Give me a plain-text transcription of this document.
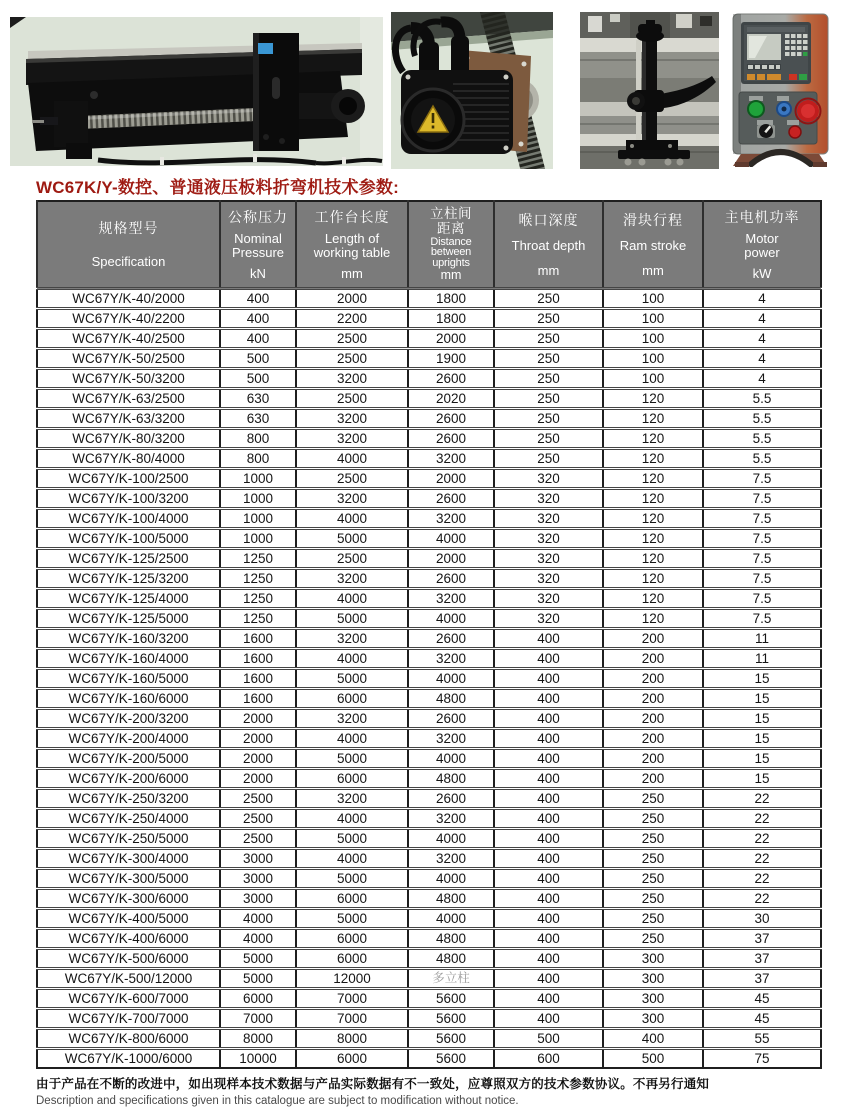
WC67K/Y-数控、普通液压板料折弯机技术参数:
规格型号
Specification

公称压力
Nominal
Pressure
kN

工作台长度
Length of
working table
mm

立柱间
距离
Distance
between
uprights
mm

喉口深度
Throat depth
mm

滑块行程
Ram stroke
mm

主电机功率
Motor
power
kW

WC67Y/K-40/2000	400	2000	1800	250	100	4
WC67Y/K-40/2200	400	2200	1800	250	100	4
WC67Y/K-40/2500	400	2500	2000	250	100	4
WC67Y/K-50/2500	500	2500	1900	250	100	4
WC67Y/K-50/3200	500	3200	2600	250	100	4
WC67Y/K-63/2500	630	2500	2020	250	120	5.5
WC67Y/K-63/3200	630	3200	2600	250	120	5.5
WC67Y/K-80/3200	800	3200	2600	250	120	5.5
WC67Y/K-80/4000	800	4000	3200	250	120	5.5
WC67Y/K-100/2500	1000	2500	2000	320	120	7.5
WC67Y/K-100/3200	1000	3200	2600	320	120	7.5
WC67Y/K-100/4000	1000	4000	3200	320	120	7.5
WC67Y/K-100/5000	1000	5000	4000	320	120	7.5
WC67Y/K-125/2500	1250	2500	2000	320	120	7.5
WC67Y/K-125/3200	1250	3200	2600	320	120	7.5
WC67Y/K-125/4000	1250	4000	3200	320	120	7.5
WC67Y/K-125/5000	1250	5000	4000	320	120	7.5
WC67Y/K-160/3200	1600	3200	2600	400	200	11
WC67Y/K-160/4000	1600	4000	3200	400	200	11
WC67Y/K-160/5000	1600	5000	4000	400	200	15
WC67Y/K-160/6000	1600	6000	4800	400	200	15
WC67Y/K-200/3200	2000	3200	2600	400	200	15
WC67Y/K-200/4000	2000	4000	3200	400	200	15
WC67Y/K-200/5000	2000	5000	4000	400	200	15
WC67Y/K-200/6000	2000	6000	4800	400	200	15
WC67Y/K-250/3200	2500	3200	2600	400	250	22
WC67Y/K-250/4000	2500	4000	3200	400	250	22
WC67Y/K-250/5000	2500	5000	4000	400	250	22
WC67Y/K-300/4000	3000	4000	3200	400	250	22
WC67Y/K-300/5000	3000	5000	4000	400	250	22
WC67Y/K-300/6000	3000	6000	4800	400	250	22
WC67Y/K-400/5000	4000	5000	4000	400	250	30
WC67Y/K-400/6000	4000	6000	4800	400	250	37
WC67Y/K-500/6000	5000	6000	4800	400	300	37
WC67Y/K-500/12000	5000	12000	多立柱	400	300	37
WC67Y/K-600/7000	6000	7000	5600	400	300	45
WC67Y/K-700/7000	7000	7000	5600	400	300	45
WC67Y/K-800/6000	8000	8000	5600	500	400	55
WC67Y/K-1000/6000	10000	6000	5600	600	500	75
由于产品在不断的改进中，如出现样本技术数据与产品实际数据有不一致处，应尊照双方的技术参数协议。不再另行通知
Description and specifications given in this catalogue are subject to modification without notice.
